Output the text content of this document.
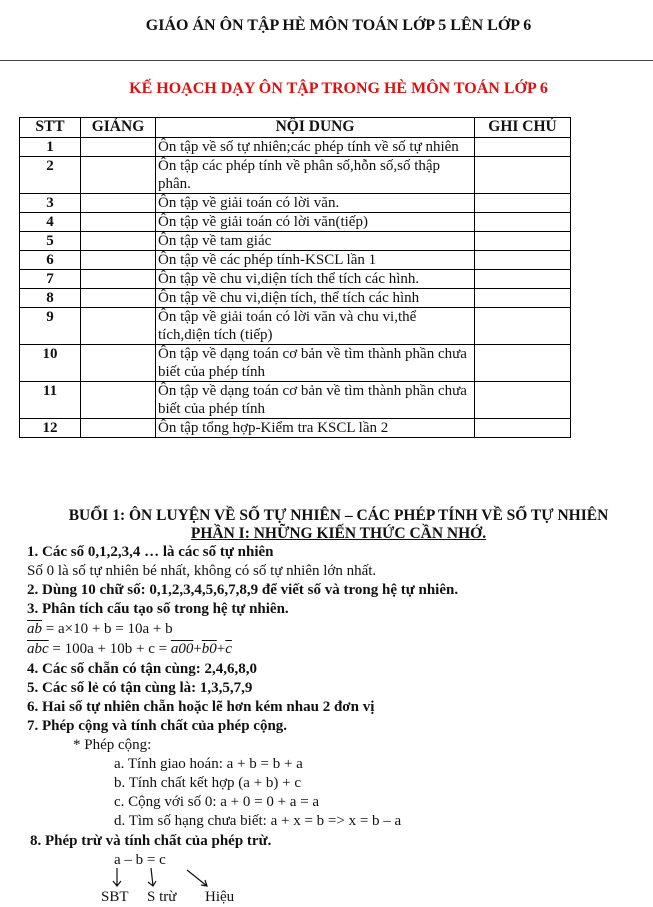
GIÁO ÁN ÔN TẬP HÈ MÔN TOÁN LỚP 5 LÊN LỚP 6
KẾ HOẠCH DẠY ÔN TẬP TRONG HÈ MÔN TOÁN LỚP 6
STT	GIẢNG	NỘI DUNG	GHI CHÚ
1		Ôn tập về số tự nhiên;các phép tính về số tự nhiên	
2		Ôn tập các phép tính về phân số,hỗn số,số thập phân.	
3		Ôn tập về giải toán có lời văn.	
4		Ôn tập về giải toán có lời văn(tiếp)	
5		Ôn tập về tam giác	
6		Ôn tập về các phép tính-KSCL lần 1	
7		Ôn tập về chu vi,diện tích thể tích các hình.	
8		Ôn tập về chu vi,diện tích, thể tích các hình	
9		Ôn tập về giải toán có lời văn và chu vi,thể tích,diện tích (tiếp)	
10		Ôn tập về dạng toán cơ bản về tìm thành phần chưa biết của phép tính	
11		Ôn tập về dạng toán cơ bản về tìm thành phần chưa biết của phép tính	
12		Ôn tập tổng hợp-Kiểm tra KSCL lần 2	
BUỔI 1: ÔN LUYỆN VỀ SỐ TỰ NHIÊN – CÁC PHÉP TÍNH VỀ SỐ TỰ NHIÊN
PHẦN I: NHỮNG KIẾN THỨC CẦN NHỚ.
1. Các số 0,1,2,3,4 … là các số tự nhiên
Số 0 là số tự nhiên bé nhất, không có số tự nhiên lớn nhất.
2. Dùng 10 chữ số: 0,1,2,3,4,5,6,7,8,9 để viết số và trong hệ tự nhiên.
3. Phân tích cấu tạo số trong hệ tự nhiên.
$\overline{ab} = a\times 10 + b = 10a + b$
$\overline{abc} = 100a + 10b + c = a00+b0+\overline{c}$
4. Các số chẵn có tận cùng: 2,4,6,8,0
5. Các số lẻ có tận cùng là: 1,3,5,7,9
6. Hai số tự nhiên chẵn hoặc lẽ hơn kém nhau 2 đơn vị
7. Phép cộng và tính chất của phép cộng.
* Phép cộng:
a. Tính giao hoán: a + b = b + a
b. Tính chất kết hợp (a + b) + c
c. Cộng với số 0: a + 0 = 0 + a = a
d. Tìm số hạng chưa biết: a + x = b => x = b – a
8. Phép trừ và tính chất của phép trừ.
a – b = c
SBT S trừ Hiệu
